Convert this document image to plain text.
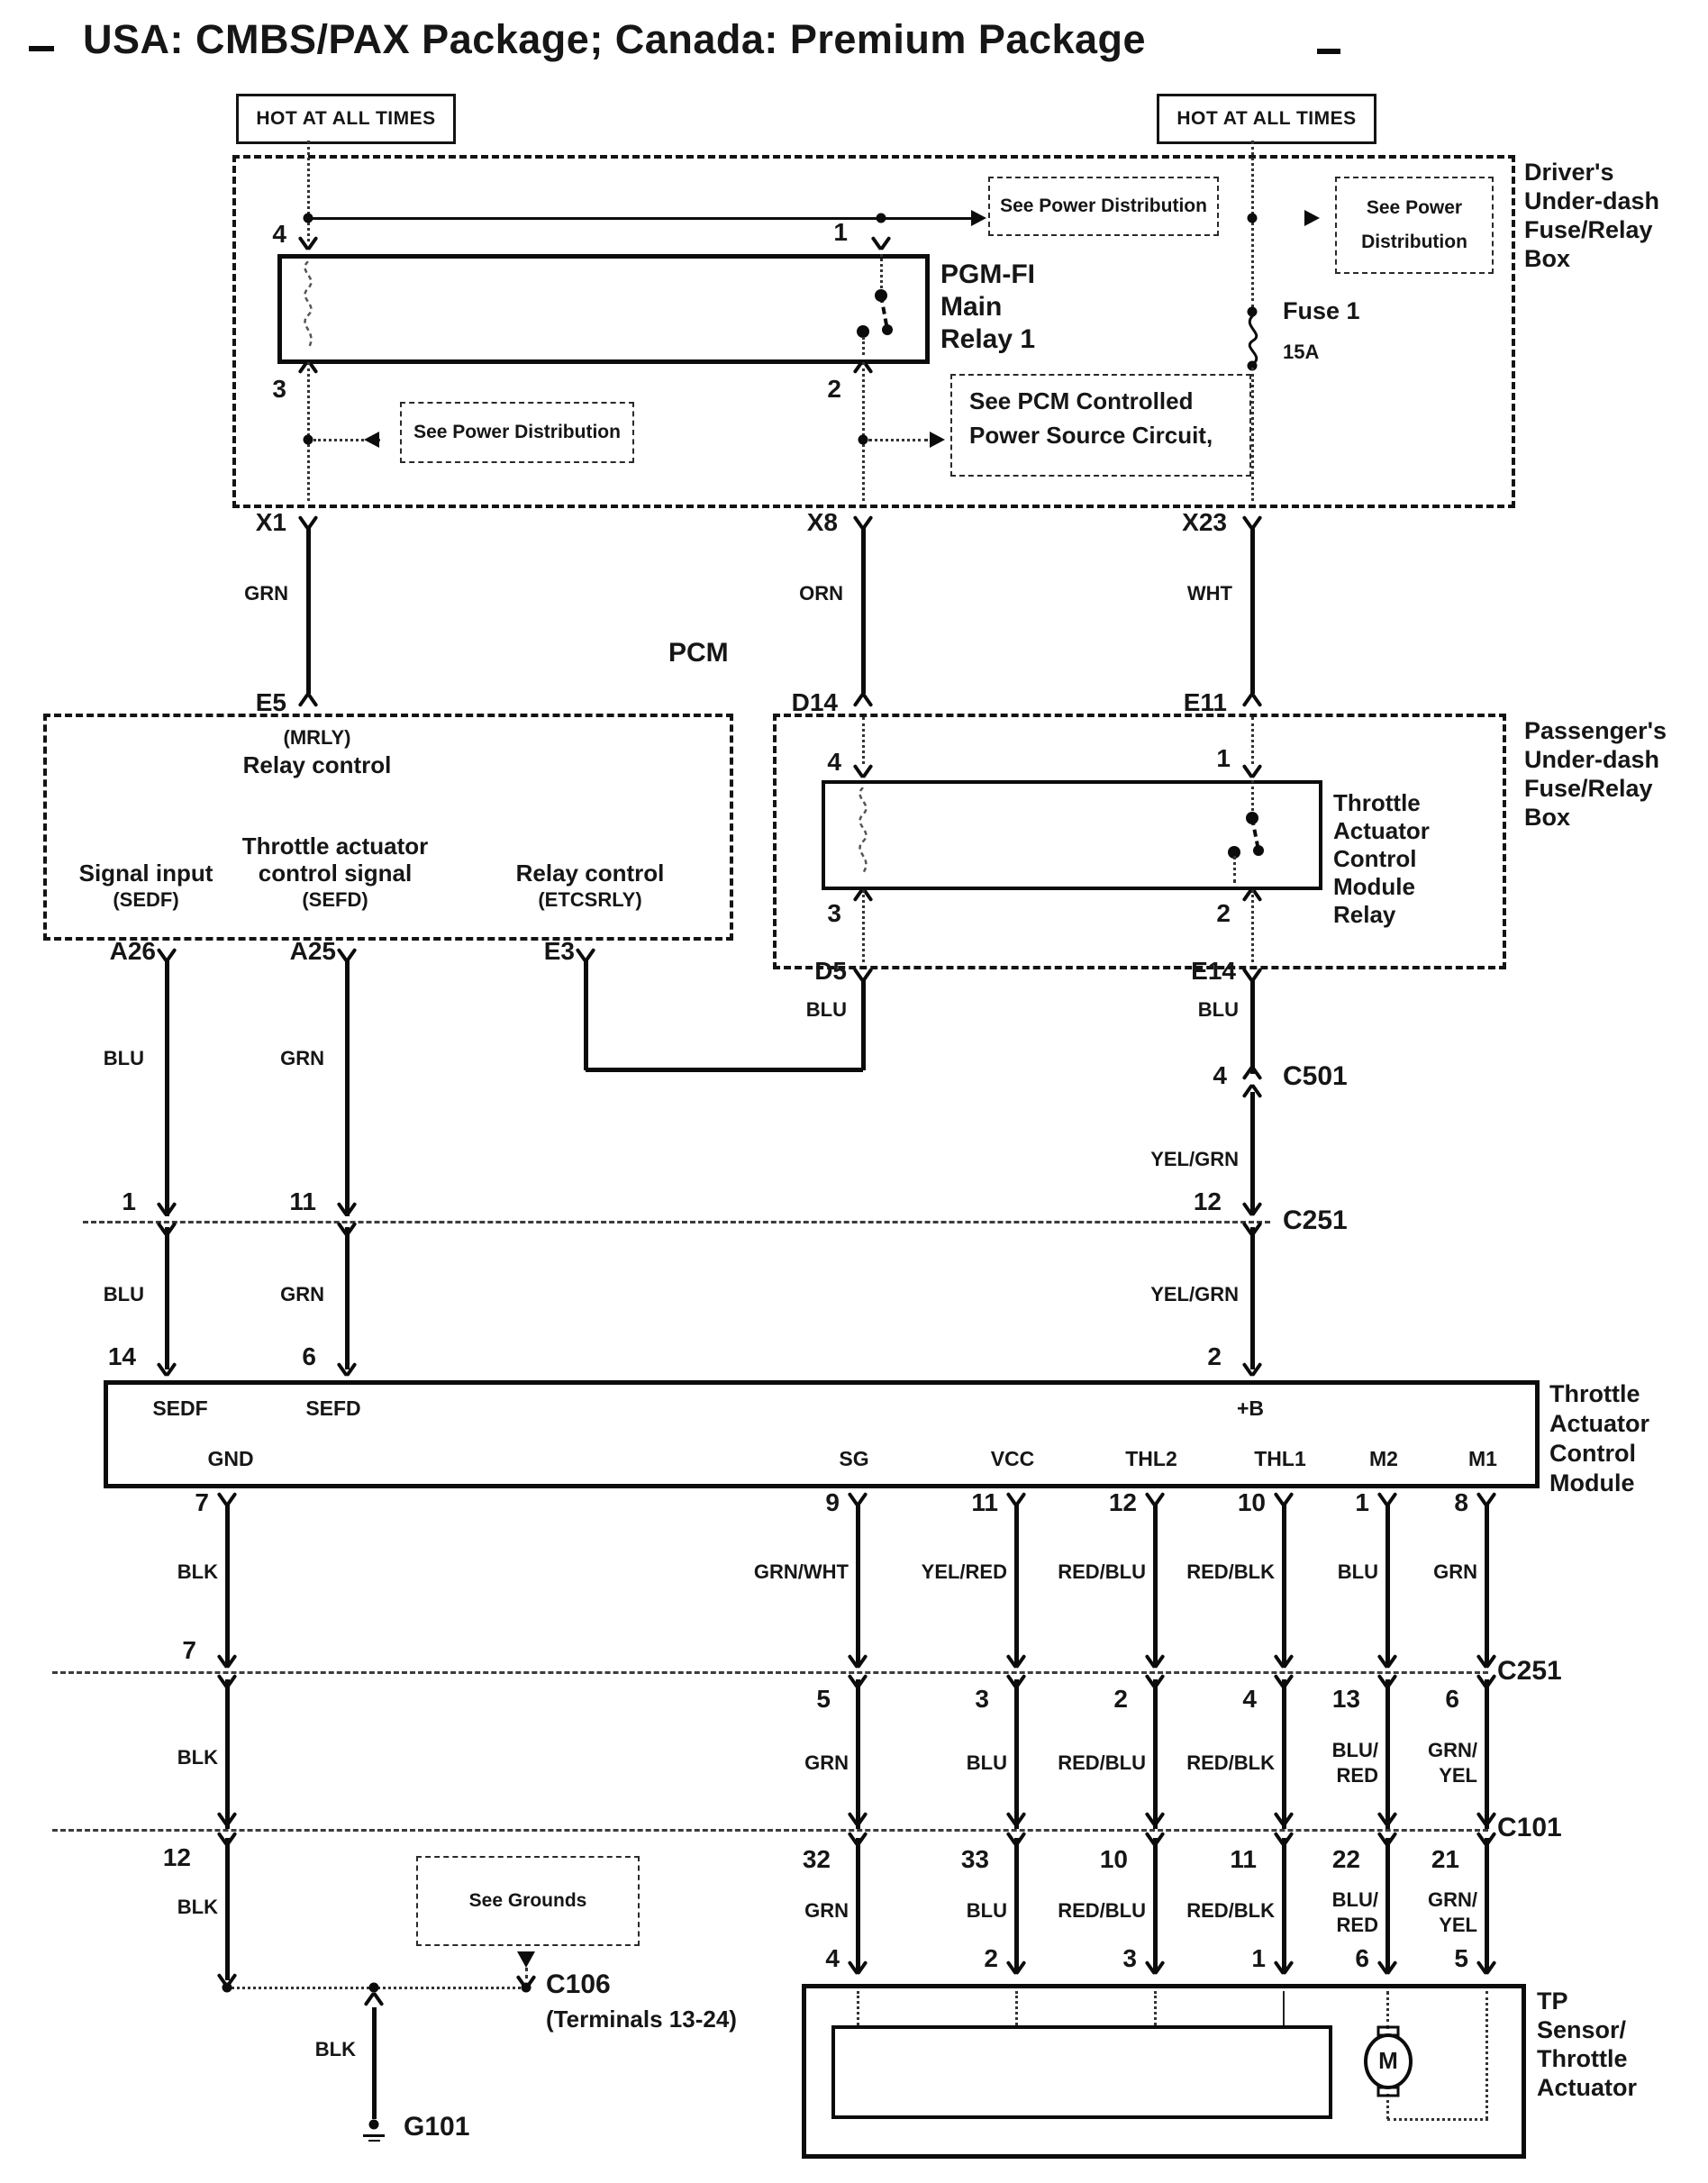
USA: CMBS/PAX Package; Canada: Premium Package
HOT AT ALL TIMES	HOT AT ALL TIMES
Driver's
Under-dash
Fuse/Relay
Box
See Power Distribution	See Power
Distribution
Fuse 1
15A
4	1
PGM-FI
Main
Relay 1
3	2
See Power Distribution
See PCM Controlled
Power Source Circuit,
X1	X8	X23
GRN	ORN	WHT
PCM
E5	D14	E11
(MRLY)
Relay control
Throttle actuator
Signal input control signal	Relay control
(SEDF)	(SEFD)	(ETCSRLY)
Passenger's
Under-dash
Fuse/Relay
Box
4	1
Throttle
Actuator
Control
Module
Relay
3	2
A26	A25	E3
D5	E14
BLU	GRN
BLU	BLU
4 C501
YEL/GRN
C251
1	11	12
BLU	GRN	YEL/GRN
14	6	2
SEDF	SEFD	+B
GND	SG	VCC	THL2	THL1	M2	M1
Throttle
Actuator
Control
Module
7	9	11	12	10	1	8
BLK	GRN/WHT	YEL/RED	RED/BLU	RED/BLK	BLU	GRN
C251
7
5	3	2	4	13	6
BLK	GRN	BLU	RED/BLU	RED/BLK
BLU/
RED
GRN/
YEL
C101
12	32	33	10	11	22	21
BLK	GRN	BLU	RED/BLU	RED/BLK	BLU/
RED
GRN/
YEL
See Grounds
C106
(Terminals 13-24)
BLK
G101
4	2	3	1	6	5
M
TP
Sensor/
Throttle
Actuator
